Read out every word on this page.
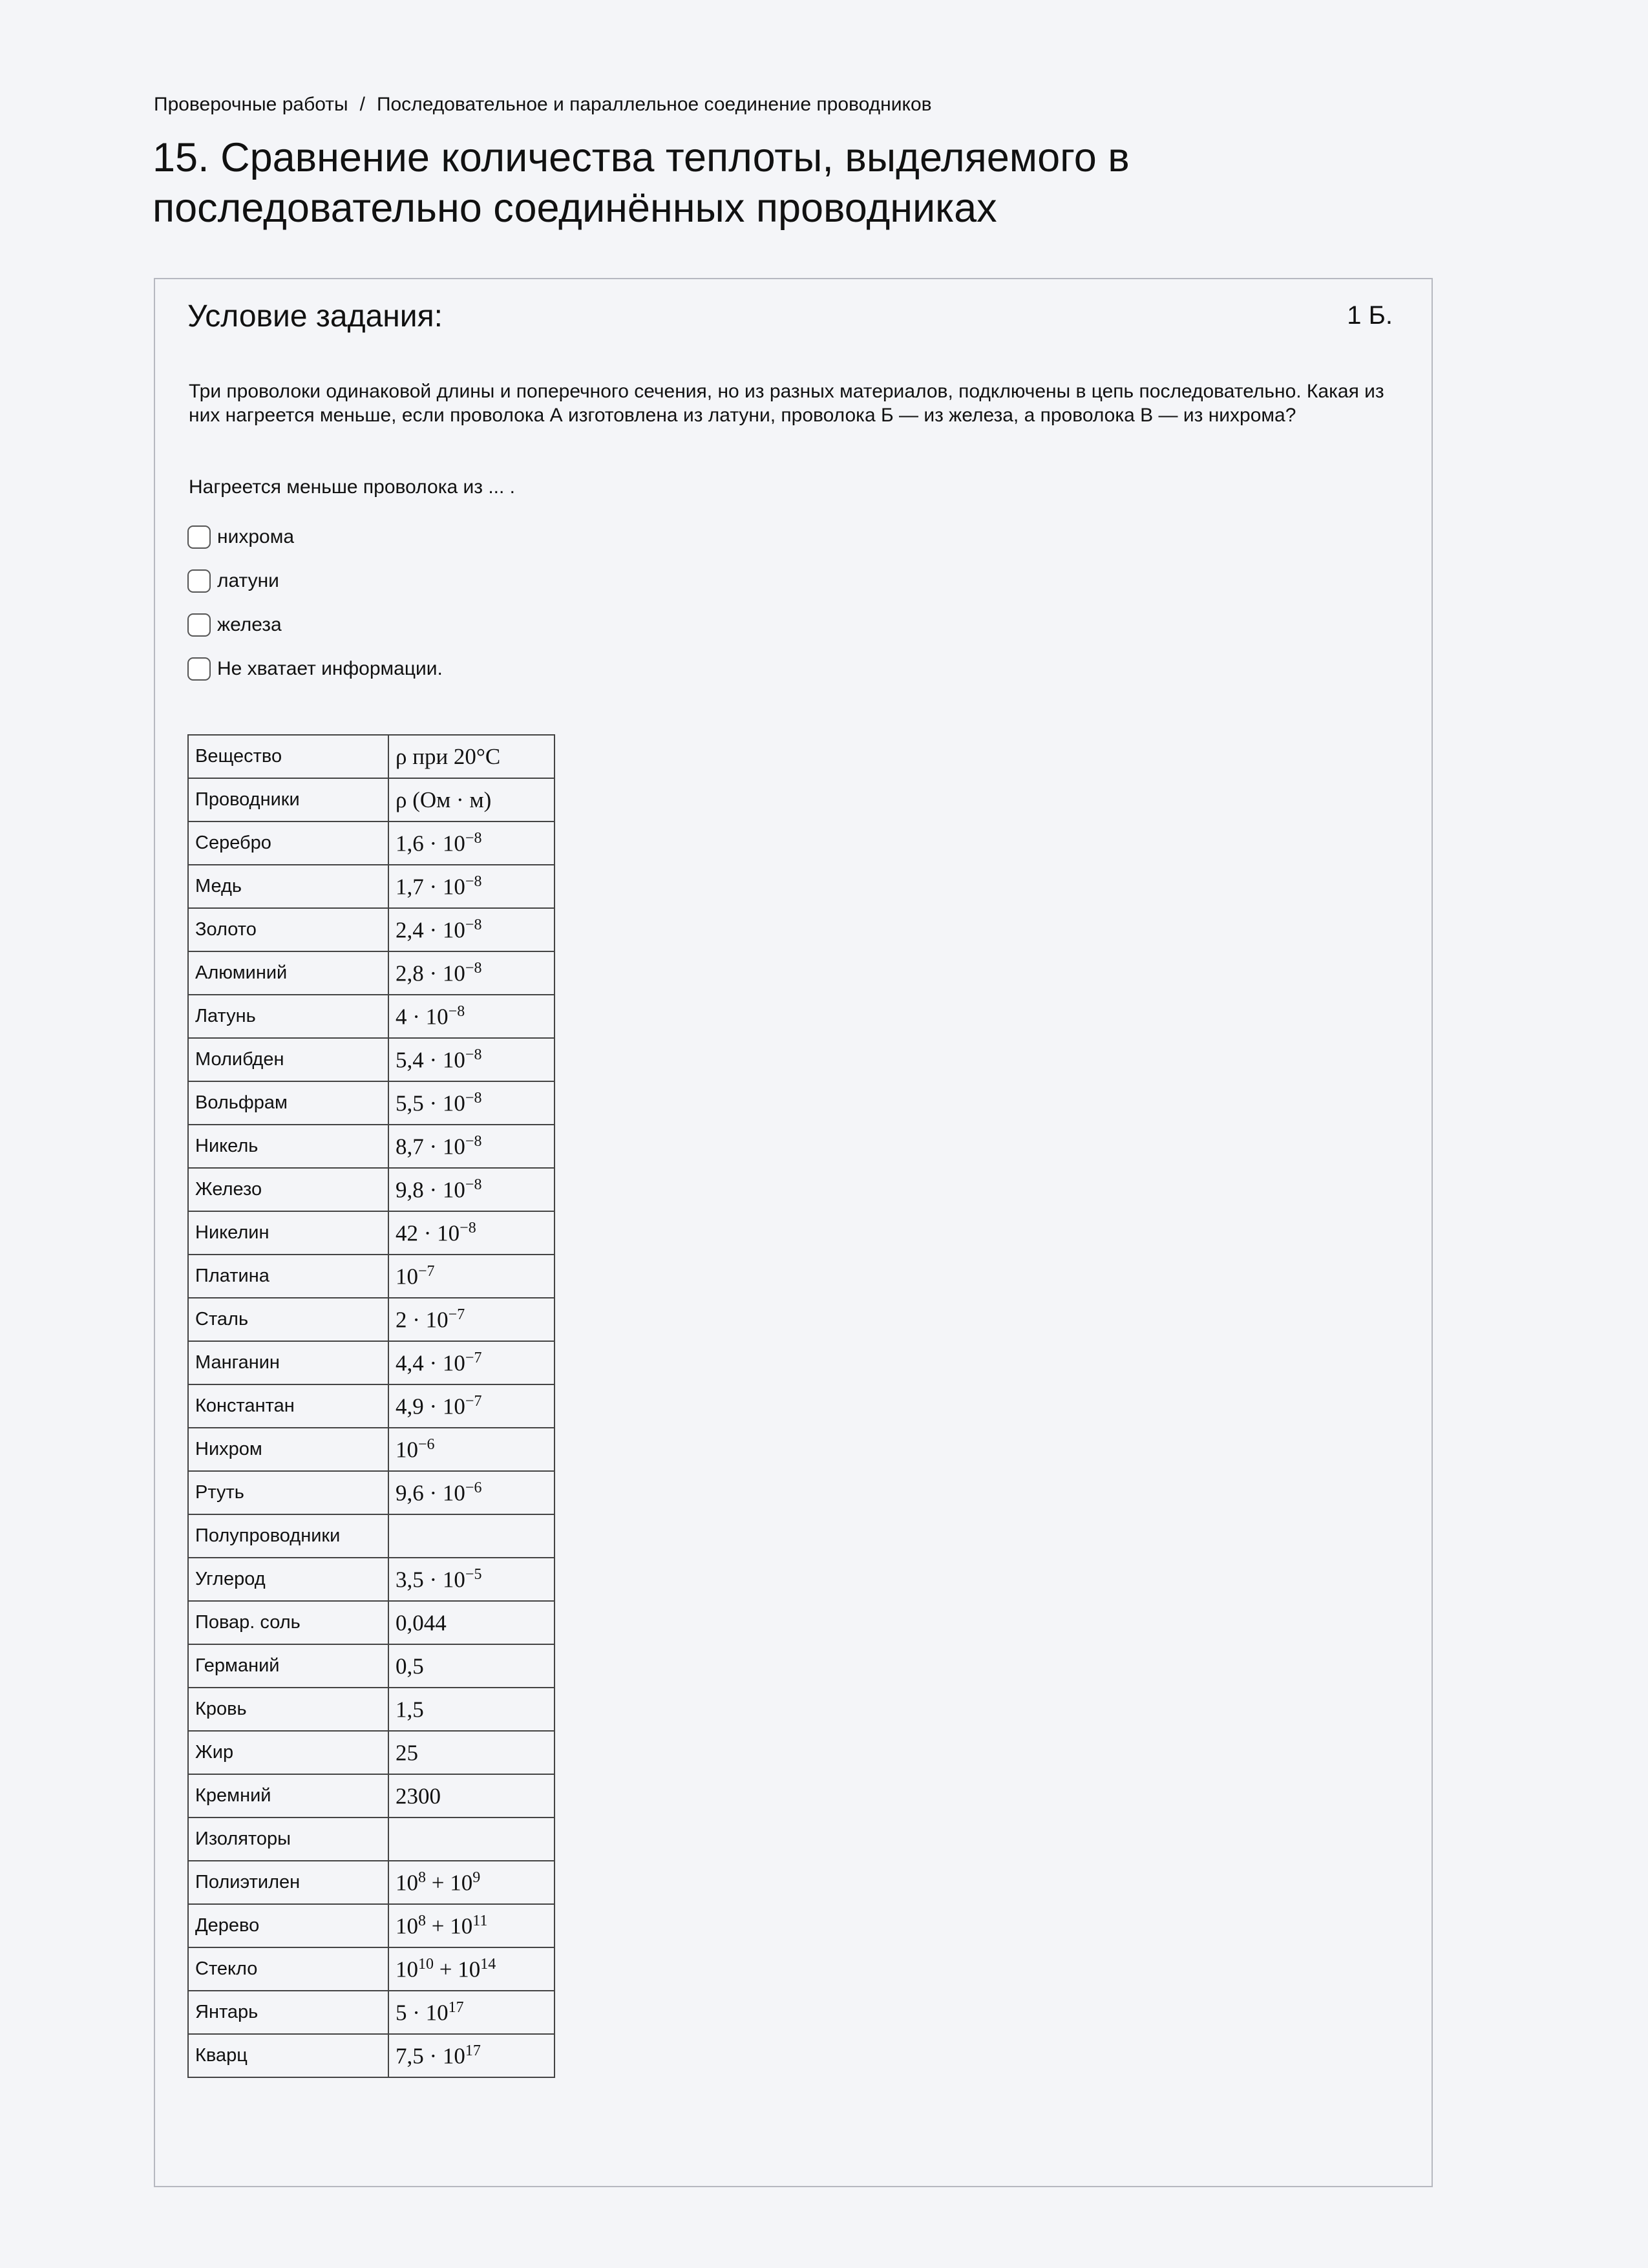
Проверочные работы / Последовательное и параллельное соединение проводников
15. Сравнение количества теплоты, выделяемого в последовательно соединённых проводниках
Условие задания:	1 Б.
Три проволоки одинаковой длины и поперечного сечения, но из разных материалов, подключены в цепь последовательно. Какая из них нагреется меньше, если проволока А изготовлена из латуни, проволока Б — из железа, а проволока В — из нихрома?
Нагреется меньше проволока из ... .
нихрома
латуни
железа
Не хватает информации.
Вещество	ρ при 20°C
Проводники	ρ (Ом · м)
Серебро	$1,6 \cdot 10^{-8}$
Медь	$1,7 \cdot 10^{-8}$
Золото	$2,4 \cdot 10^{-8}$
Алюминий	$2,8 \cdot 10^{-8}$
Латунь	$4 \cdot 10^{-8}$
Молибден	$5,4 \cdot 10^{-8}$
Вольфрам	$5,5 \cdot 10^{-8}$
Никель	$8,7 \cdot 10^{-8}$
Железо	$9,8 \cdot 10^{-8}$
Никелин	$42 \cdot 10^{-8}$
Платина	$10^{-7}$
Сталь	$2 \cdot 10^{-7}$
Манганин	$4,4 \cdot 10^{-7}$
Константан	$4,9 \cdot 10^{-7}$
Нихром	$10^{-6}$
Ртуть	$9,6 \cdot 10^{-6}$
Полупроводники	
Углерод	$3,5 \cdot 10^{-5}$
Повар. соль	0,044
Германий	0,5
Кровь	1,5
Жир	25
Кремний	2300
Изоляторы	
Полиэтилен	$10^8 + 10^9$
Дерево	$10^8 + 10^{11}$
Стекло	$10^{10} + 10^{14}$
Янтарь	$5 \cdot 10^{17}$
Кварц	$7,5 \cdot 10^{17}$
